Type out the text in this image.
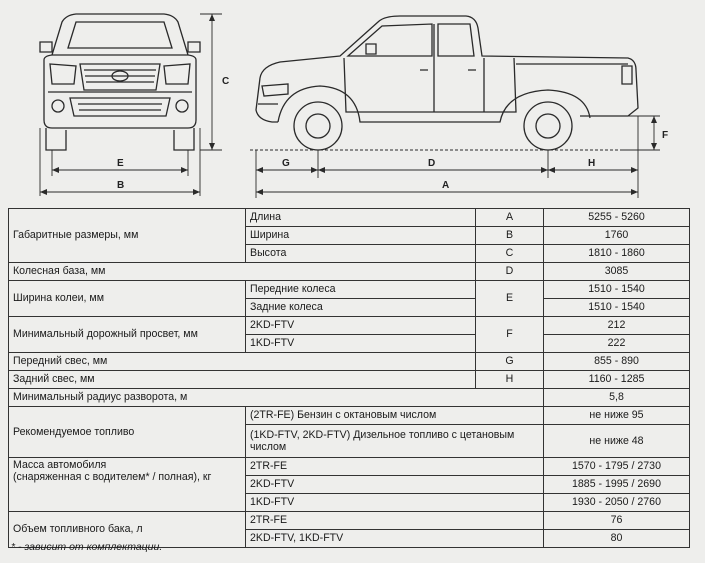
C
E
B
G	D	H
A
F
Габаритные размеры, мм	Длина	A	5255 - 5260
	Ширина	B	1760
	Высота	C	1810 - 1860
Колесная база, мм		D	3085
Ширина колеи, мм	Передние колеса	E	1510 - 1540
	Задние колеса		1510 - 1540
Минимальный дорожный просвет, мм	2KD-FTV	F	212
	1KD-FTV		222
Передний свес, мм		G	855 - 890
Задний свес, мм		H	1160 - 1285
Минимальный радиус разворота, м			5,8
Рекомендуемое топливо	(2TR-FE) Бензин с октановым числом		не ниже 95
	(1KD-FTV, 2KD-FTV) Дизельное топливо с цетановым числом		не ниже 48

Масса автомобиля
(снаряженная с водителем* / полная), кг	2TR-FE		1570 - 1795 / 2730
	2KD-FTV		1885 - 1995 / 2690
	1KD-FTV		1930 - 2050 / 2760
Объем топливного бака, л	2TR-FE		76
	2KD-FTV, 1KD-FTV		80
* - зависит от комплектации.
